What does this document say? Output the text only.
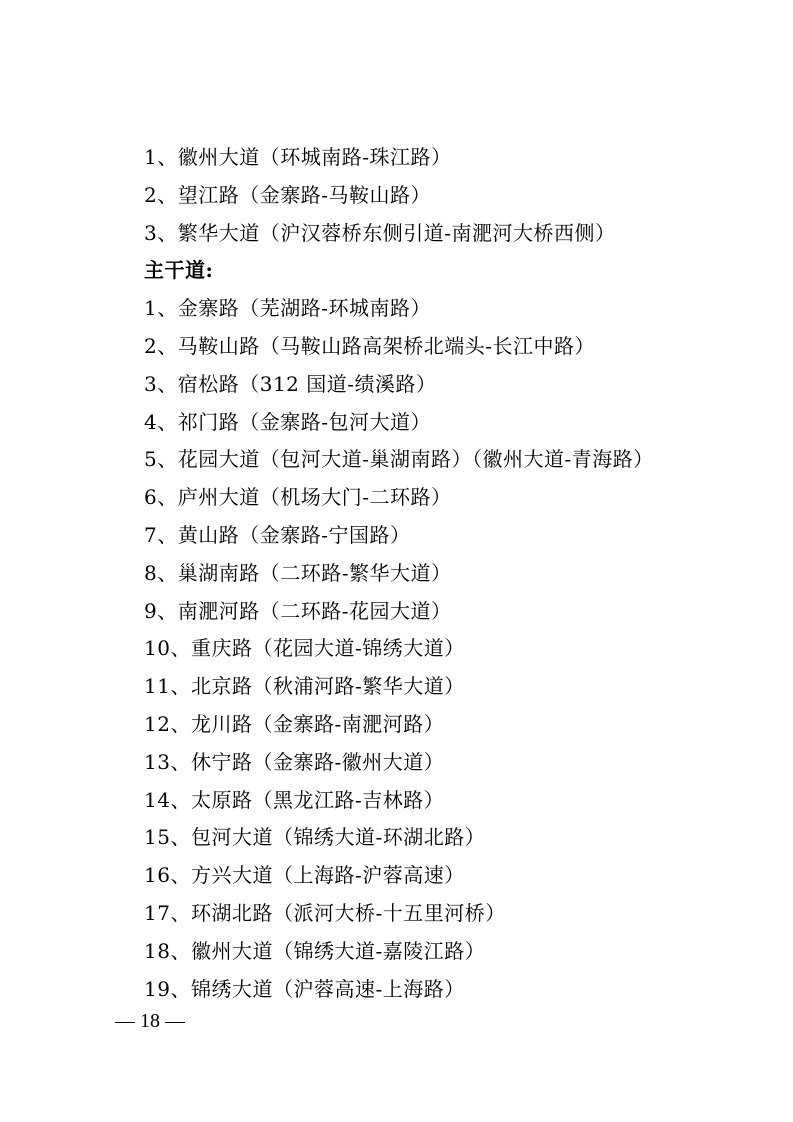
1、徽州大道（环城南路-珠江路）
2、望江路（金寨路-马鞍山路）
3、繁华大道（沪汉蓉桥东侧引道-南淝河大桥西侧）
主干道:
1、金寨路（芜湖路-环城南路）
2、马鞍山路（马鞍山路高架桥北端头-长江中路）
3、宿松路（312 国道-绩溪路）
4、祁门路（金寨路-包河大道）
5、花园大道（包河大道-巢湖南路）（徽州大道-青海路）
6、庐州大道（机场大门-二环路）
7、黄山路（金寨路-宁国路）
8、巢湖南路（二环路-繁华大道）
9、南淝河路（二环路-花园大道）
10、重庆路（花园大道-锦绣大道）
11、北京路（秋浦河路-繁华大道）
12、龙川路（金寨路-南淝河路）
13、休宁路（金寨路-徽州大道）
14、太原路（黑龙江路-吉林路）
15、包河大道（锦绣大道-环湖北路）
16、方兴大道（上海路-沪蓉高速）
17、环湖北路（派河大桥-十五里河桥）
18、徽州大道（锦绣大道-嘉陵江路）
19、锦绣大道（沪蓉高速-上海路）
— 18 —
